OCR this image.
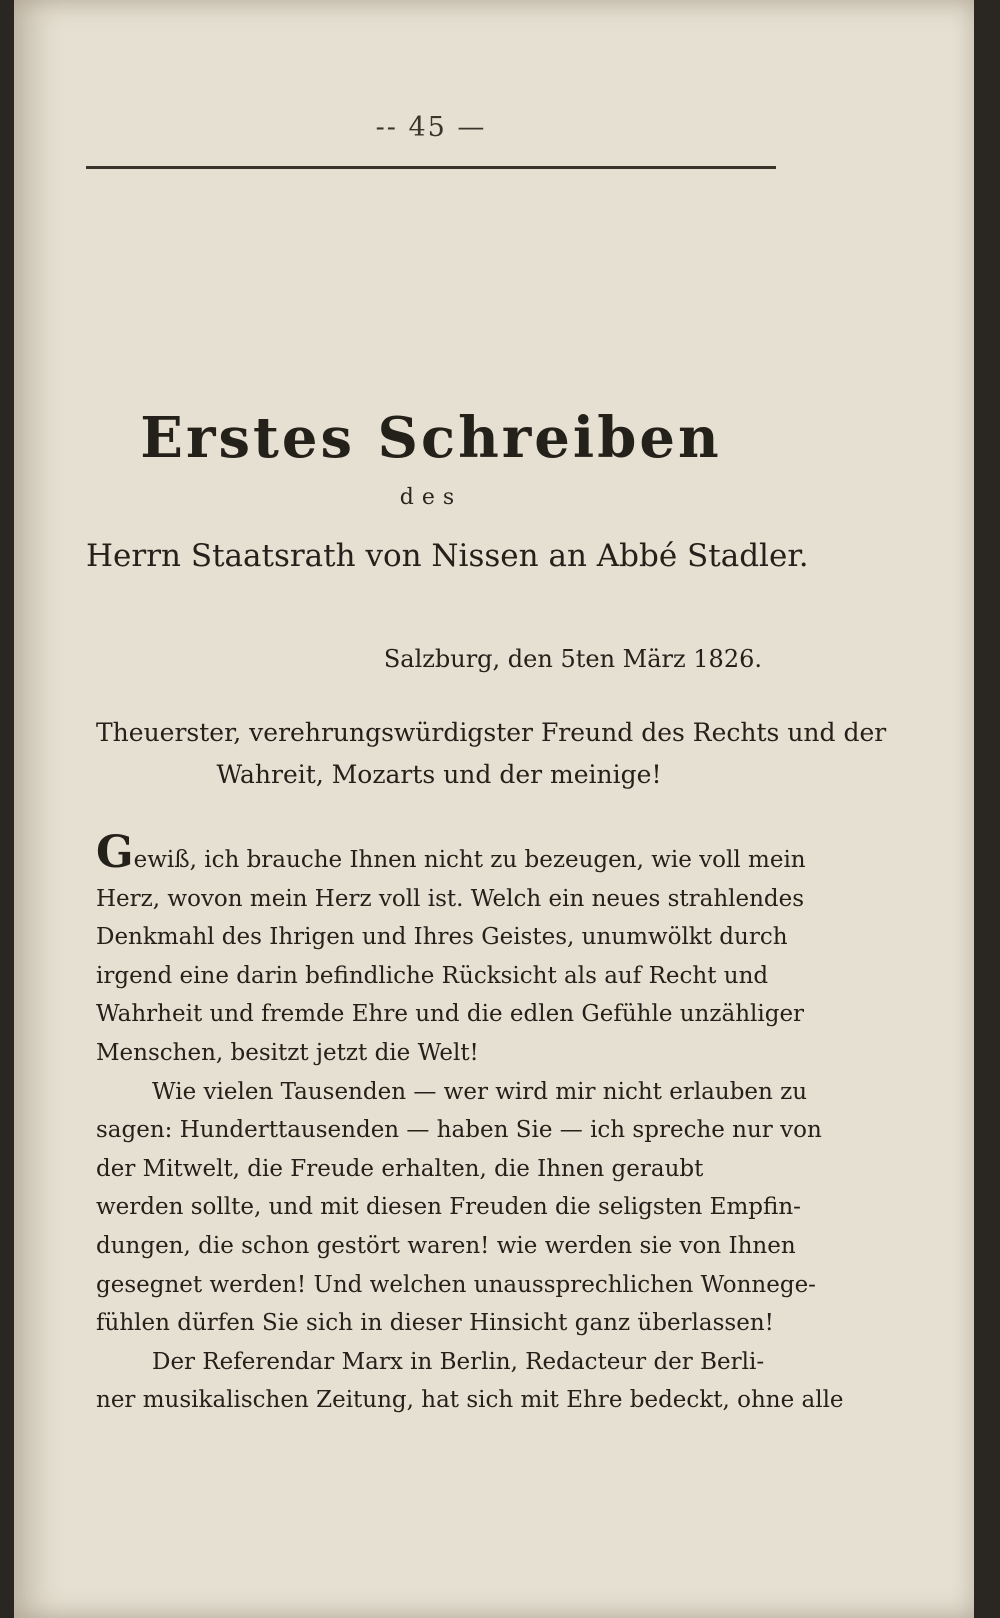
-- 45 —
Erstes Schreiben
des
Herrn Staatsrath von Nissen an Abbé Stadler.
Salzburg, den 5ten März 1826.
Theuerster, verehrungswürdigster Freund des Rechts und der
Wahreit, Mozarts und der meinige!
Gewiß, ich brauche Ihnen nicht zu bezeugen, wie voll mein
Herz, wovon mein Herz voll ist. Welch ein neues strahlendes
Denkmahl des Ihrigen und Ihres Geistes, unumwölkt durch
irgend eine darin befindliche Rücksicht als auf Recht und
Wahrheit und fremde Ehre und die edlen Gefühle unzähliger
Menschen, besitzt jetzt die Welt!
Wie vielen Tausenden — wer wird mir nicht erlauben zu
sagen: Hunderttausenden — haben Sie — ich spreche nur von
der Mitwelt, die Freude erhalten, die Ihnen geraubt
werden sollte, und mit diesen Freuden die seligsten Empfin-
dungen, die schon gestört waren! wie werden sie von Ihnen
gesegnet werden! Und welchen unaussprechlichen Wonnege-
fühlen dürfen Sie sich in dieser Hinsicht ganz überlassen!
Der Referendar Marx in Berlin, Redacteur der Berli-
ner musikalischen Zeitung, hat sich mit Ehre bedeckt, ohne alle
